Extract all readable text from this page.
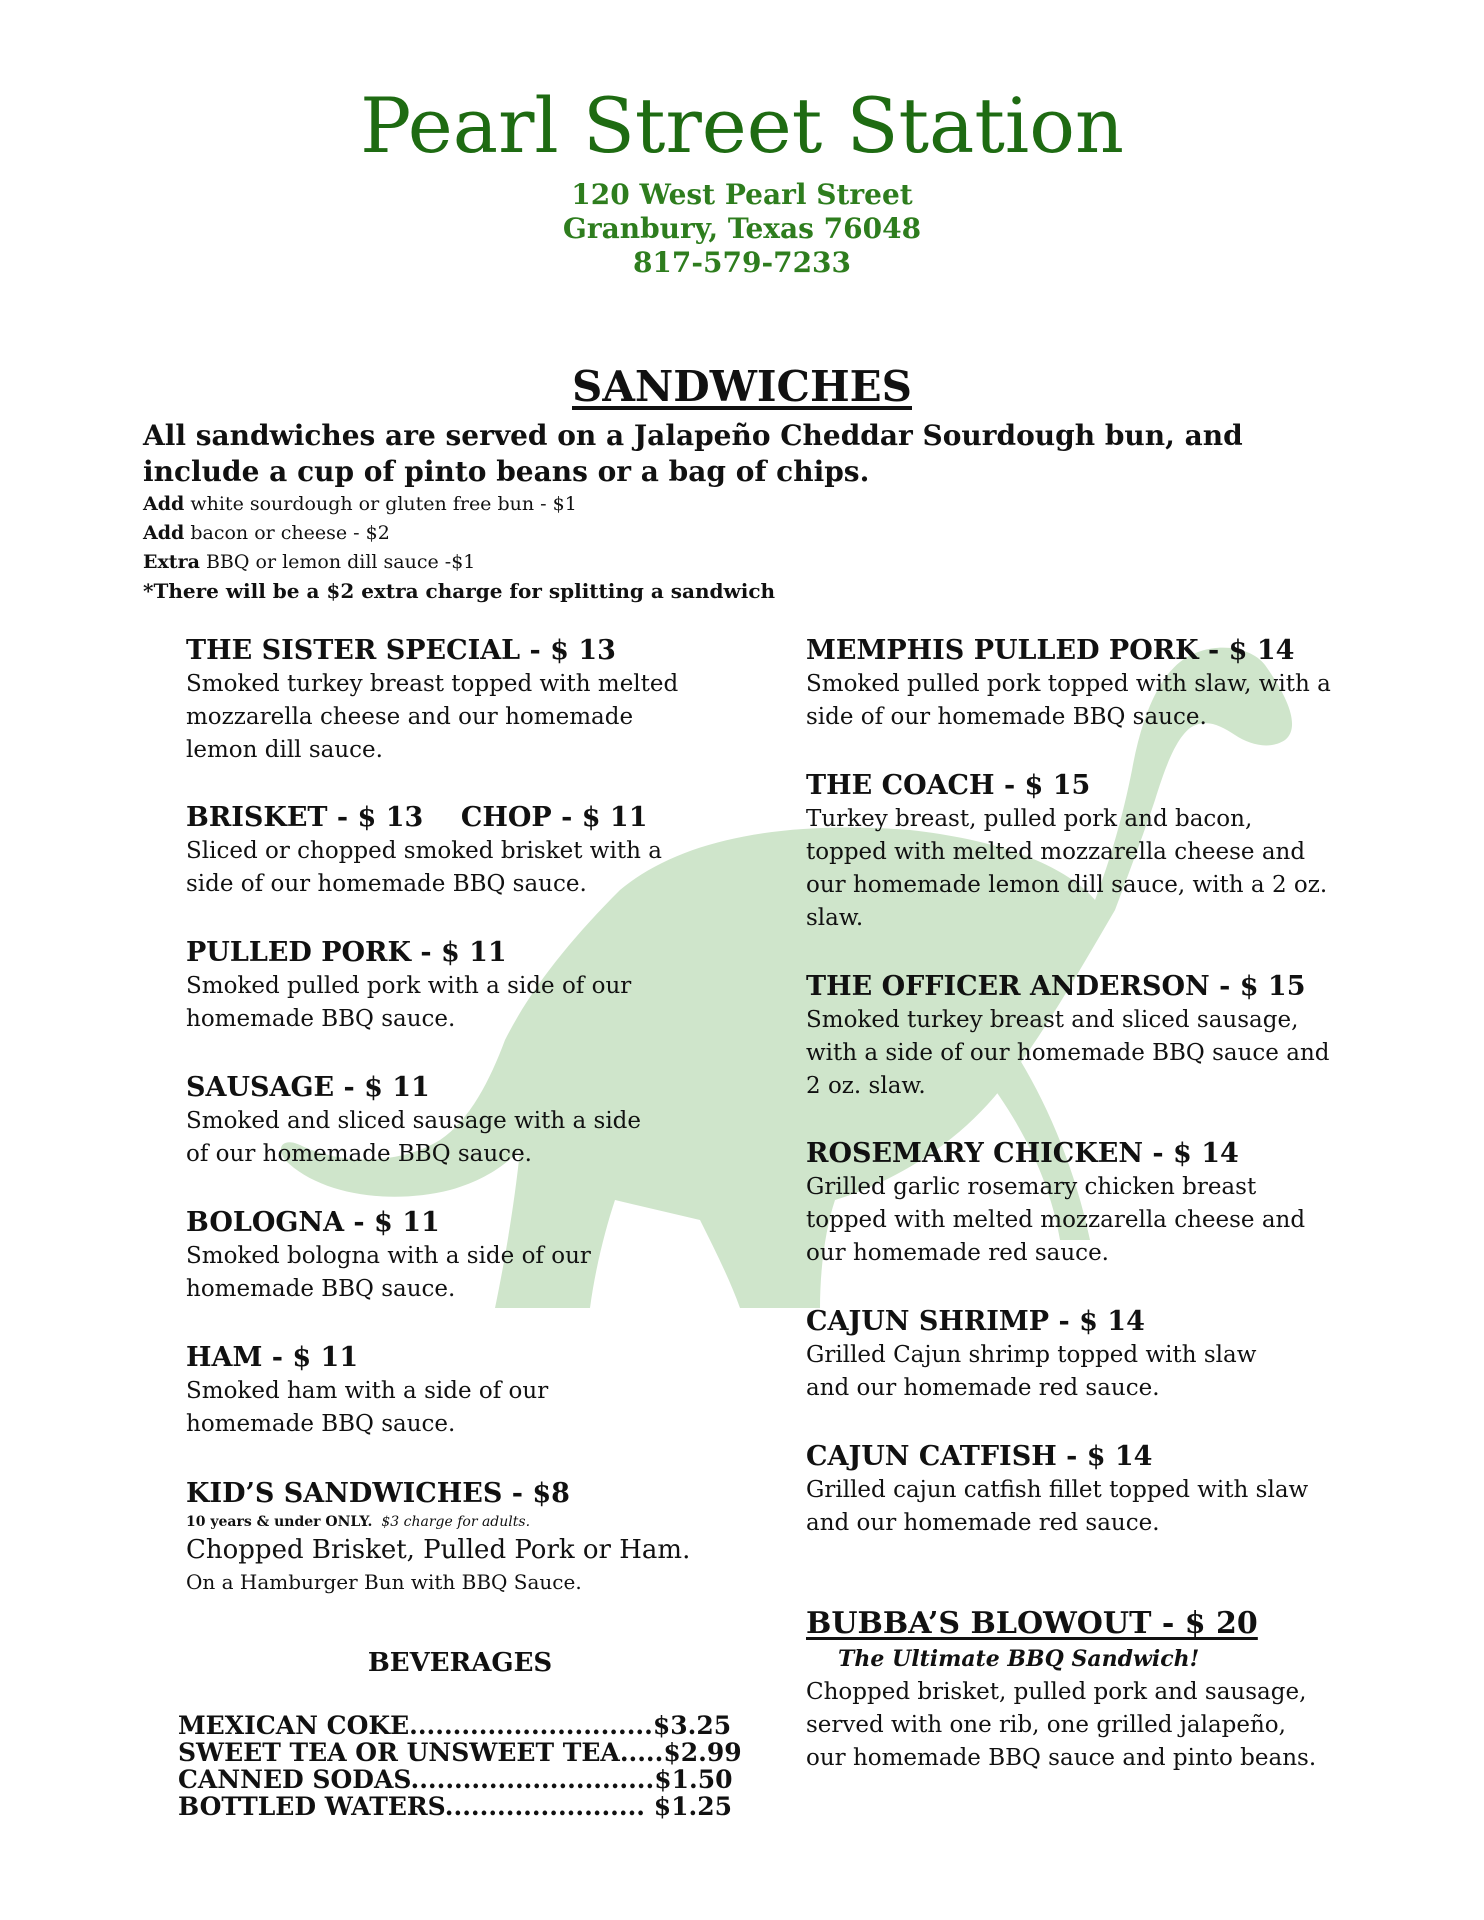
Pearl Street Station
120 West Pearl Street
Granbury, Texas 76048
817-579-7233
SANDWICHES
All sandwiches are served on a Jalapeño Cheddar Sourdough bun, and include a cup of pinto beans or a bag of chips.
Add white sourdough or gluten free bun - $1
Add bacon or cheese - $2
Extra BBQ or lemon dill sauce -$1
*There will be a $2 extra charge for splitting a sandwich
THE SISTER SPECIAL - $ 13
Smoked turkey breast topped with melted mozzarella cheese and our homemade lemon dill sauce.
BRISKET - $ 13    CHOP - $ 11
Sliced or chopped smoked brisket with a side of our homemade BBQ sauce.
PULLED PORK - $ 11
Smoked pulled pork with a side of our homemade BBQ sauce.
SAUSAGE - $ 11
Smoked and sliced sausage with a side of our homemade BBQ sauce.
BOLOGNA - $ 11
Smoked bologna with a side of our homemade BBQ sauce.
HAM - $ 11
Smoked ham with a side of our homemade BBQ sauce.
KID’S SANDWICHES - $8
10 years & under ONLY. $3 charge for adults.
Chopped Brisket, Pulled Pork or Ham.
On a Hamburger Bun with BBQ Sauce.
BEVERAGES
MEXICAN COKE............................$3.25
SWEET TEA OR UNSWEET TEA.....$2.99
CANNED SODAS............................$1.50
BOTTLED WATERS....................... $1.25
MEMPHIS PULLED PORK - $ 14
Smoked pulled pork topped with slaw, with a side of our homemade BBQ sauce.
THE COACH - $ 15
Turkey breast, pulled pork and bacon, topped with melted mozzarella cheese and our homemade lemon dill sauce, with a 2 oz. slaw.
THE OFFICER ANDERSON - $ 15
Smoked turkey breast and sliced sausage, with a side of our homemade BBQ sauce and 2 oz. slaw.
ROSEMARY CHICKEN - $ 14
Grilled garlic rosemary chicken breast topped with melted mozzarella cheese and our homemade red sauce.
CAJUN SHRIMP - $ 14
Grilled Cajun shrimp topped with slaw and our homemade red sauce.
CAJUN CATFISH - $ 14
Grilled cajun catfish fillet topped with slaw and our homemade red sauce.
BUBBA’S BLOWOUT - $ 20
The Ultimate BBQ Sandwich!
Chopped brisket, pulled pork and sausage, served with one rib, one grilled jalapeño, our homemade BBQ sauce and pinto beans.
